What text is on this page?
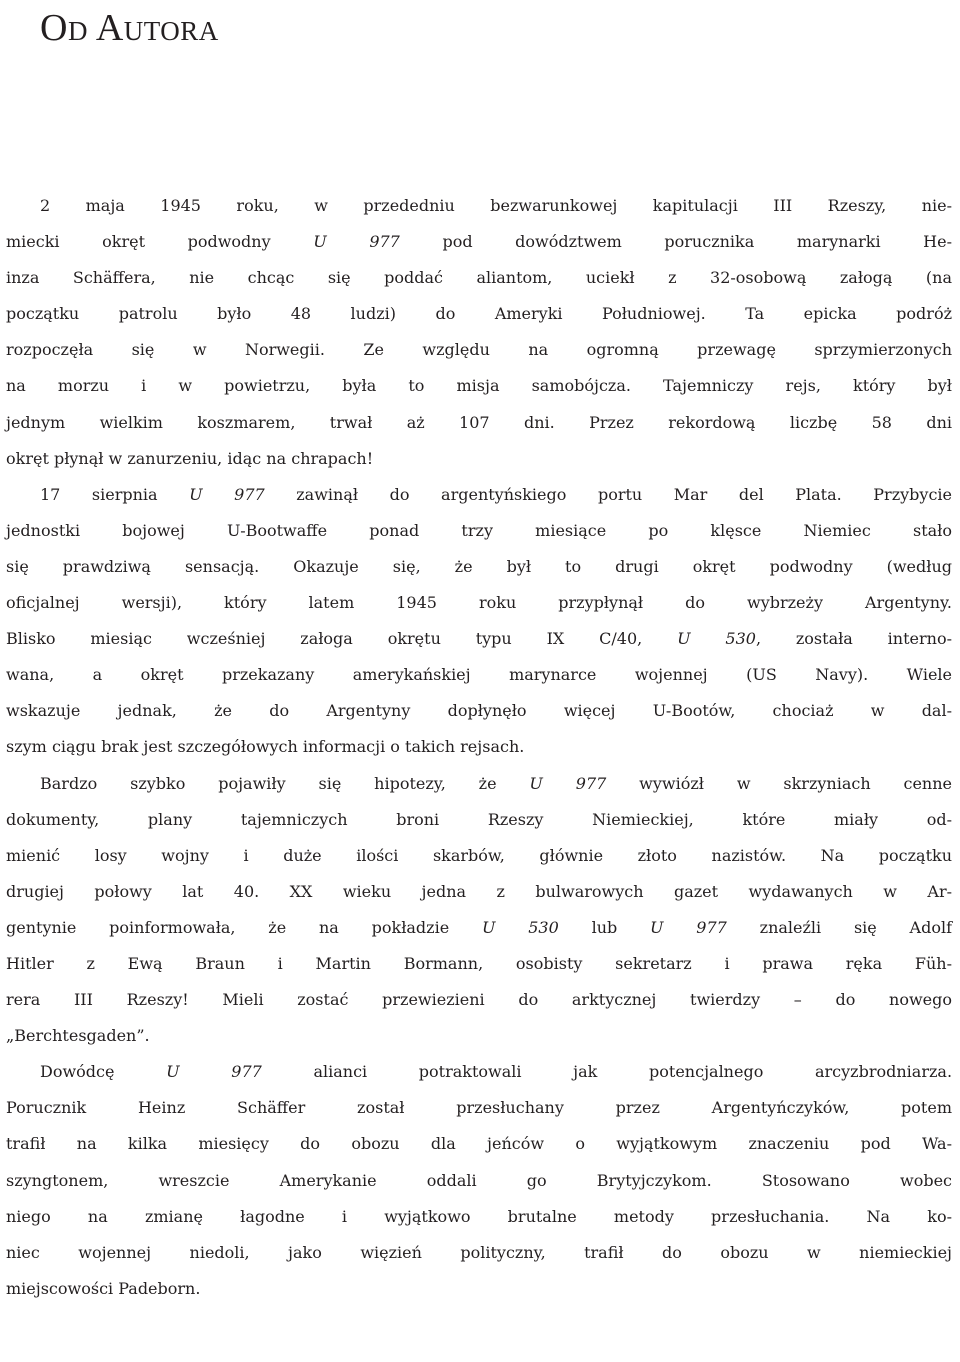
Od Autora
2 maja 1945 roku, w przededniu bezwarunkowej kapitulacji III Rzeszy, nie-
miecki okręt podwodny U 977 pod dowództwem porucznika marynarki He-
inza Schäffera, nie chcąc się poddać aliantom, uciekł z 32-osobową załogą (na
początku patrolu było 48 ludzi) do Ameryki Południowej. Ta epicka podróż
rozpoczęła się w Norwegii. Ze względu na ogromną przewagę sprzymierzonych
na morzu i w powietrzu, była to misja samobójcza. Tajemniczy rejs, który był
jednym wielkim koszmarem, trwał aż 107 dni. Przez rekordową liczbę 58 dni
okręt płynął w zanurzeniu, idąc na chrapach!
17 sierpnia U 977 zawinął do argentyńskiego portu Mar del Plata. Przybycie
jednostki bojowej U-Bootwaffe ponad trzy miesiące po klęsce Niemiec stało
się prawdziwą sensacją. Okazuje się, że był to drugi okręt podwodny (według
oficjalnej wersji), który latem 1945 roku przypłynął do wybrzeży Argentyny.
Blisko miesiąc wcześniej załoga okrętu typu IX C/40, U 530, została interno-
wana, a okręt przekazany amerykańskiej marynarce wojennej (US Navy). Wiele
wskazuje jednak, że do Argentyny dopłynęło więcej U-Bootów, chociaż w dal-
szym ciągu brak jest szczegółowych informacji o takich rejsach.
Bardzo szybko pojawiły się hipotezy, że U 977 wywiózł w skrzyniach cenne
dokumenty, plany tajemniczych broni Rzeszy Niemieckiej, które miały od-
mienić losy wojny i duże ilości skarbów, głównie złoto nazistów. Na początku
drugiej połowy lat 40. XX wieku jedna z bulwarowych gazet wydawanych w Ar-
gentynie poinformowała, że na pokładzie U 530 lub U 977 znaleźli się Adolf
Hitler z Ewą Braun i Martin Bormann, osobisty sekretarz i prawa ręka Füh-
rera III Rzeszy! Mieli zostać przewiezieni do arktycznej twierdzy – do nowego
„Berchtesgaden”.
Dowódcę U 977 alianci potraktowali jak potencjalnego arcyzbrodniarza.
Porucznik Heinz Schäffer został przesłuchany przez Argentyńczyków, potem
trafił na kilka miesięcy do obozu dla jeńców o wyjątkowym znaczeniu pod Wa-
szyngtonem, wreszcie Amerykanie oddali go Brytyjczykom. Stosowano wobec
niego na zmianę łagodne i wyjątkowo brutalne metody przesłuchania. Na ko-
niec wojennej niedoli, jako więzień polityczny, trafił do obozu w niemieckiej
miejscowości Padeborn.
